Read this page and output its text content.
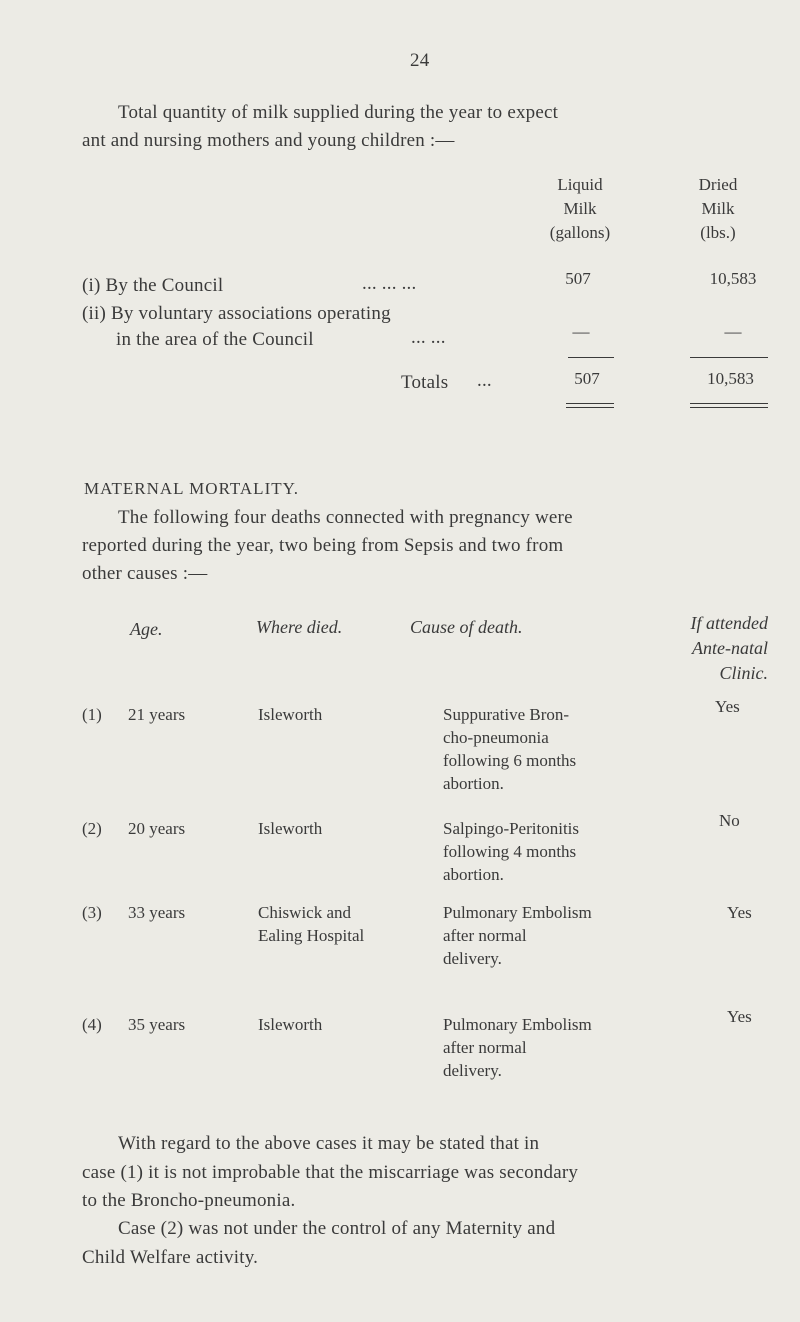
24
Total quantity of milk supplied during the year to expect
ant and nursing mothers and young children :—
Liquid
Milk
(gallons)
Dried
Milk
(lbs.)
(i) By the Council	... ... ...	507	10,583
(ii) By voluntary associations operating
in the area of the Council	... ...	—	—
Totals ...	507	10,583
MATERNAL MORTALITY.
The following four deaths connected with pregnancy were
reported during the year, two being from Sepsis and two from
other causes :—
Age.	Where died.	Cause of death.	If attended
Ante-natal
Clinic.
(1) 21 years	Isleworth	Suppurative Bron-
cho-pneumonia
following 6 months
abortion.
Yes
(2) 20 years	Isleworth	Salpingo-Peritonitis
following 4 months
abortion.
No
(3) 33 years	Chiswick and
Ealing Hospital
Pulmonary Embolism
after normal
delivery.
Yes
(4) 35 years	Isleworth	Pulmonary Embolism
after normal
delivery.
Yes
With regard to the above cases it may be stated that in
case (1) it is not improbable that the miscarriage was secondary
to the Broncho-pneumonia.
Case (2) was not under the control of any Maternity and
Child Welfare activity.
